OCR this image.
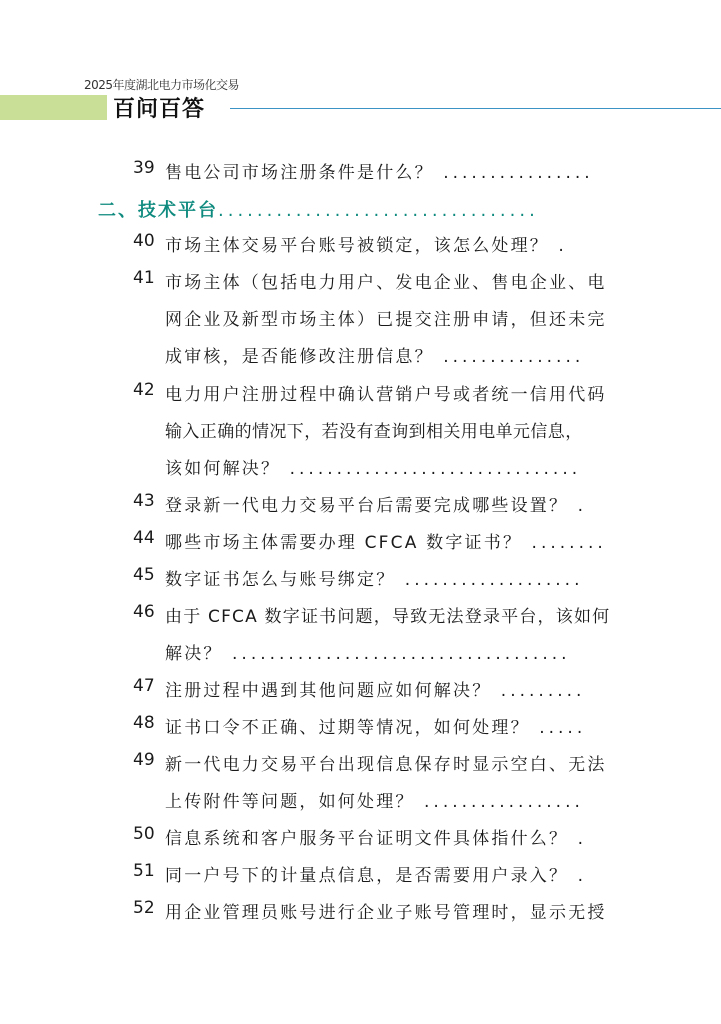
2025年度湖北电力市场化交易
百问百答
39 售电公司市场注册条件是什么？ ................
二、技术平台.................................
40 市场主体交易平台账号被锁定，该怎么处理？ .
41 市场主体（包括电力用户、发电企业、售电企业、电
网企业及新型市场主体）已提交注册申请，但还未完
成审核，是否能修改注册信息？ ...............
42 电力用户注册过程中确认营销户号或者统一信用代码
输入正确的情况下，若没有查询到相关用电单元信息，
该如何解决？ ...............................
43 登录新一代电力交易平台后需要完成哪些设置？ .
44 哪些市场主体需要办理 CFCA 数字证书？ ........
45 数字证书怎么与账号绑定？ ...................
46 由于 CFCA 数字证书问题，导致无法登录平台，该如何
解决？ ....................................
47 注册过程中遇到其他问题应如何解决？ .........
48 证书口令不正确、过期等情况，如何处理？ .....
49 新一代电力交易平台出现信息保存时显示空白、无法
上传附件等问题，如何处理？ .................
50 信息系统和客户服务平台证明文件具体指什么？ .
51 同一户号下的计量点信息，是否需要用户录入？ .
52 用企业管理员账号进行企业子账号管理时，显示无授
